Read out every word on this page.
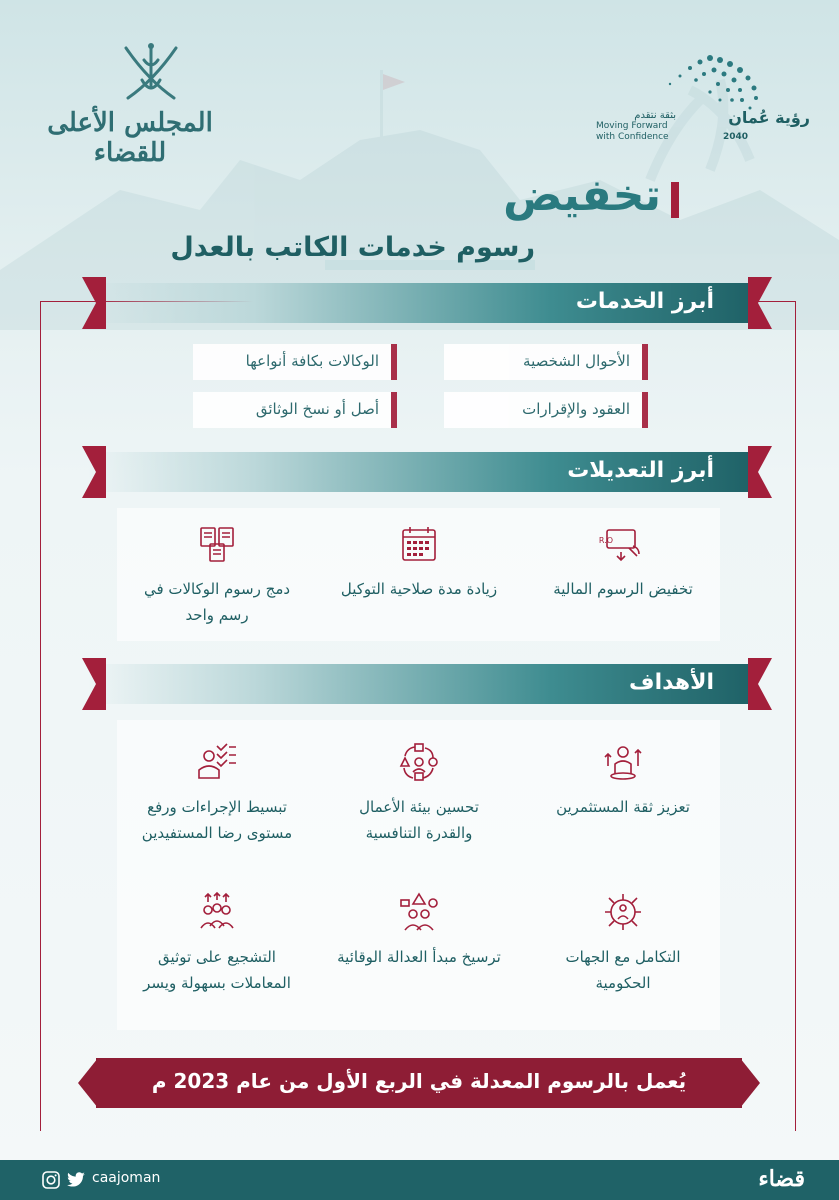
المجلس الأعلى للقضاء
رؤية عُمان
2040
بثقة نتقدم
Moving Forward with Confidence
تخفيض
رسوم خدمات الكاتب بالعدل
أبرز الخدمات
الأحوال الشخصية
الوكالات بكافة أنواعها
العقود والإقرارات
أصل أو نسخ الوثائق
أبرز التعديلات
R.O
تخفيض الرسوم المالية
زيادة مدة صلاحية التوكيل
دمج رسوم الوكالات في رسم واحد
الأهداف
تعزيز ثقة المستثمرين
تحسين بيئة الأعمال والقدرة التنافسية
تبسيط الإجراءات ورفع مستوى رضا المستفيدين
التكامل مع الجهات الحكومية
ترسيخ مبدأ العدالة الوقائية
التشجيع على توثيق المعاملات بسهولة ويسر
يُعمل بالرسوم المعدلة في الربع الأول من عام 2023 م
caajoman	قضاء
